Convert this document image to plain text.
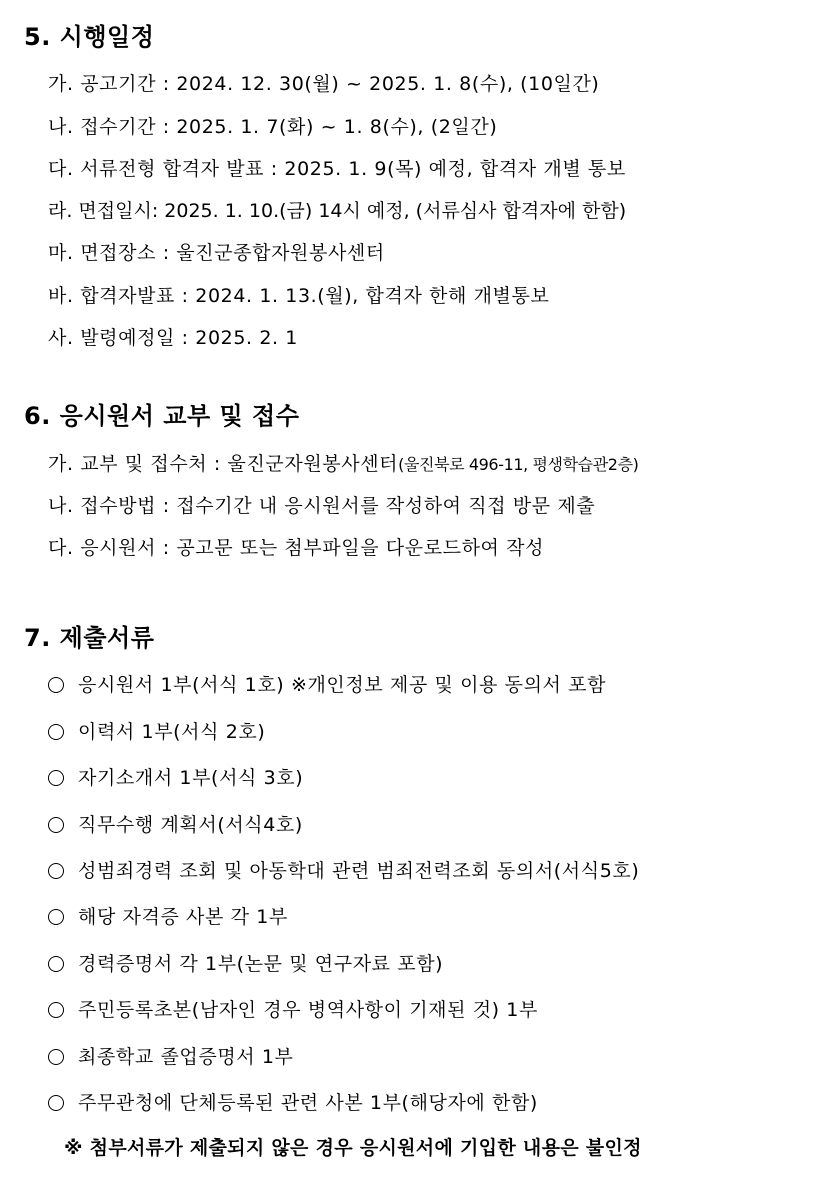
5. 시행일정
가. 공고기간 : 2024. 12. 30(월) ~ 2025. 1. 8(수), (10일간)
나. 접수기간 : 2025. 1. 7(화) ~ 1. 8(수), (2일간)
다. 서류전형 합격자 발표 : 2025. 1. 9(목) 예정, 합격자 개별 통보
라. 면접일시: 2025. 1. 10.(금) 14시 예정, (서류심사 합격자에 한함)
마. 면접장소 : 울진군종합자원봉사센터
바. 합격자발표 : 2024. 1. 13.(월), 합격자 한해 개별통보
사. 발령예정일 : 2025. 2. 1
6. 응시원서 교부 및 접수
가. 교부 및 접수처 : 울진군자원봉사센터(울진북로 496-11, 평생학습관2층)
나. 접수방법 : 접수기간 내 응시원서를 작성하여 직접 방문 제출
다. 응시원서 : 공고문 또는 첨부파일을 다운로드하여 작성
7. 제출서류
응시원서 1부(서식 1호) ※개인정보 제공 및 이용 동의서 포함
이력서 1부(서식 2호)
자기소개서 1부(서식 3호)
직무수행 계획서(서식4호)
성범죄경력 조회 및 아동학대 관련 범죄전력조회 동의서(서식5호)
해당 자격증 사본 각 1부
경력증명서 각 1부(논문 및 연구자료 포함)
주민등록초본(남자인 경우 병역사항이 기재된 것) 1부
최종학교 졸업증명서 1부
주무관청에 단체등록된 관련 사본 1부(해당자에 한함)
※ 첨부서류가 제출되지 않은 경우 응시원서에 기입한 내용은 불인정
